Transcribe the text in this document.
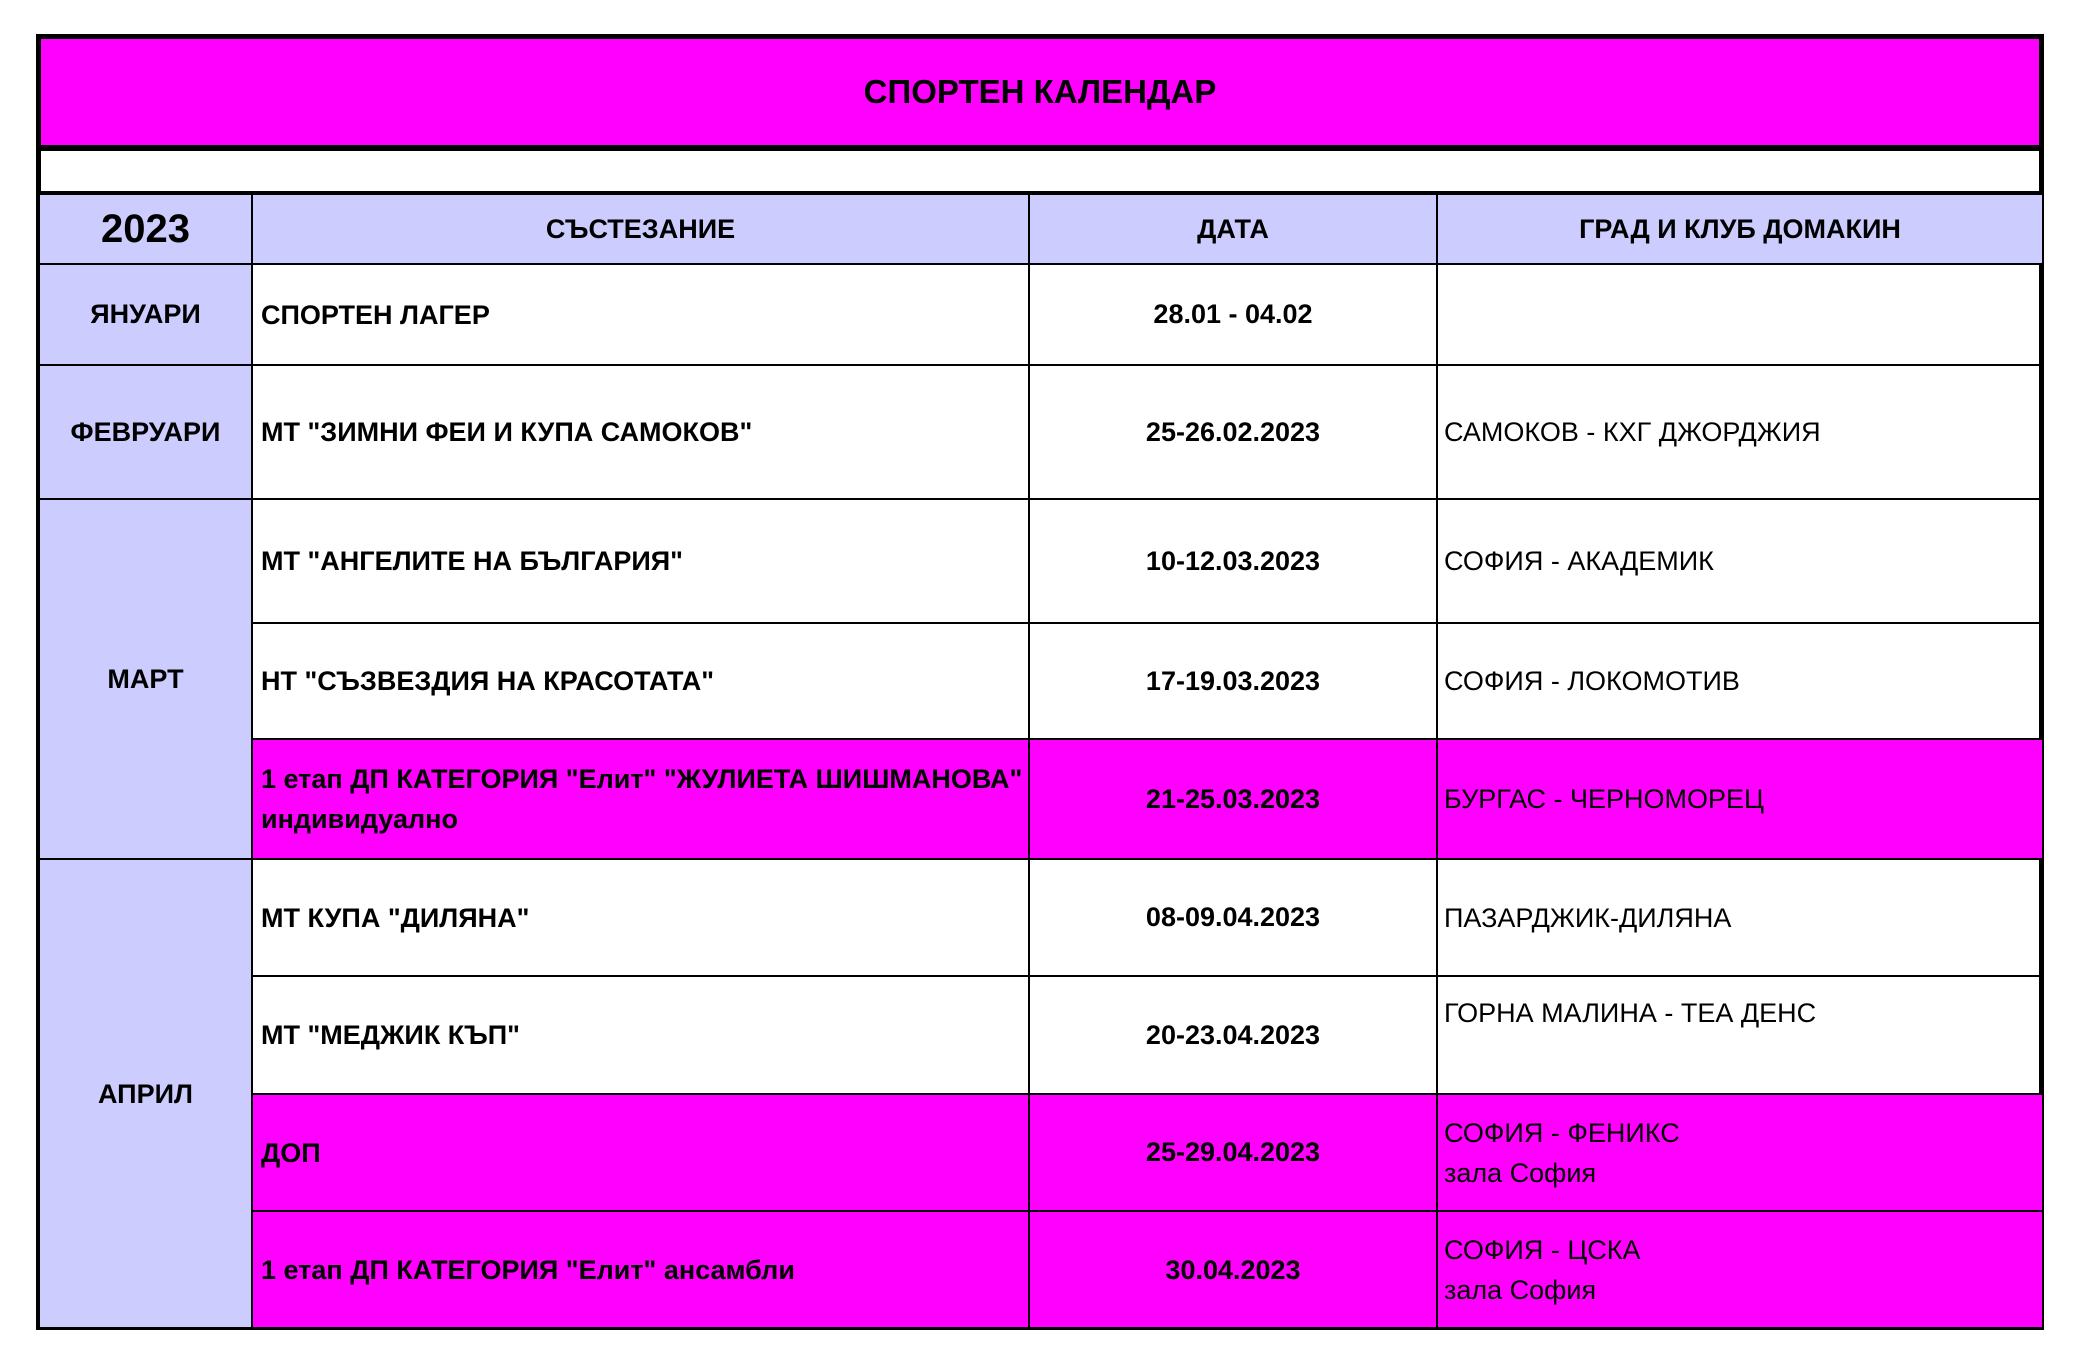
СПОРТЕН КАЛЕНДАР
2023	СЪСТЕЗАНИЕ	ДАТА	ГРАД И КЛУБ ДОМАКИН
ЯНУАРИ	СПОРТЕН ЛАГЕР	28.01 - 04.02	

ФЕВРУАРИ	МТ "ЗИМНИ ФЕИ И КУПА САМОКОВ"	25-26.02.2023	САМОКОВ - КХГ ДЖОРДЖИЯ

МАРТ	МТ "АНГЕЛИТЕ НА БЪЛГАРИЯ"	10-12.03.2023	СОФИЯ - АКАДЕМИК

	НТ "СЪЗВЕЗДИЯ НА КРАСОТАТА"	17-19.03.2023	СОФИЯ - ЛОКОМОТИВ

	1 етап ДП КАТЕГОРИЯ "Елит" "ЖУЛИЕТА ШИШМАНОВА"
индивидуално	21-25.03.2023	БУРГАС - ЧЕРНОМОРЕЦ

АПРИЛ	МТ КУПА "ДИЛЯНА"	08-09.04.2023	ПАЗАРДЖИК-ДИЛЯНА

	МТ "МЕДЖИК КЪП"	20-23.04.2023	ГОРНА МАЛИНА - ТЕА ДЕНС

	ДОП	25-29.04.2023	СОФИЯ - ФЕНИКС
зала София

	1 етап ДП КАТЕГОРИЯ "Елит" ансамбли	30.04.2023	СОФИЯ - ЦСКА
зала София
